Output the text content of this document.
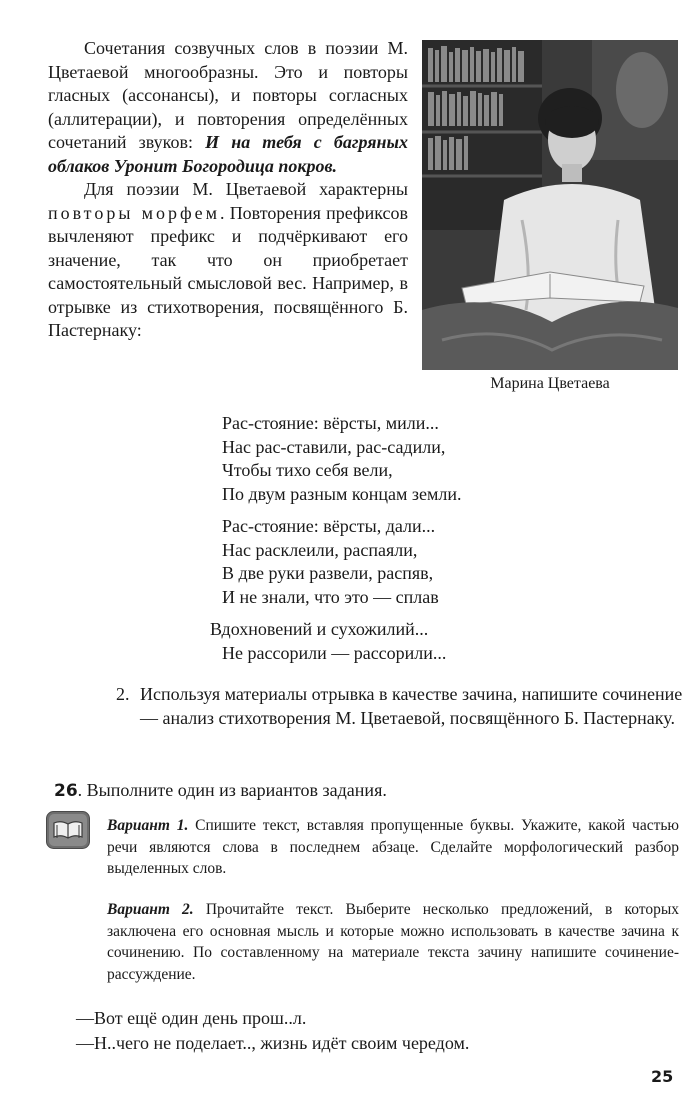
Сочетания созвучных слов в поэзии М. Цветаевой многообразны. Это и повторы гласных (ассонансы), и повторы согласных (аллитерации), и повторения определённых сочетаний звуков: И на тебя с багряных облаков Уронит Богородица покров.

Для поэзии М. Цветаевой характерны повторы морфем. Повторения префиксов вычленяют префикс и подчёркивают его значение, так что он приобретает самостоятельный смысловой вес. Например, в отрывке из стихотворения, посвящённого Б. Пастернаку:

Марина Цветаева
Рас-стояние: вёрсты, мили...
Нас рас-ставили, рас-садили,
Чтобы тихо себя вели,
По двум разным концам земли.
Рас-стояние: вёрсты, дали...
Нас расклеили, распаяли,
В две руки развели, распяв,
И не знали, что это — сплав
Вдохновений и сухожилий...
Не рассорили — рассорили...
2. Используя материалы отрывка в качестве зачина, напишите сочинение — анализ стихотворения М. Цветаевой, посвящённого Б. Пастернаку.
26. Выполните один из вариантов задания.
Вариант 1. Спишите текст, вставляя пропущенные буквы. Укажите, какой частью речи являются слова в последнем абзаце. Сделайте морфологический разбор выделенных слов.
Вариант 2. Прочитайте текст. Выберите несколько предложений, в которых заключена его основная мысль и которые можно использовать в качестве зачина к сочинению. По составленному на материале текста зачину напишите сочинение-рассуждение.
—Вот ещё один день прош..л.
—Н..чего не поделает.., жизнь идёт своим чередом.
25
